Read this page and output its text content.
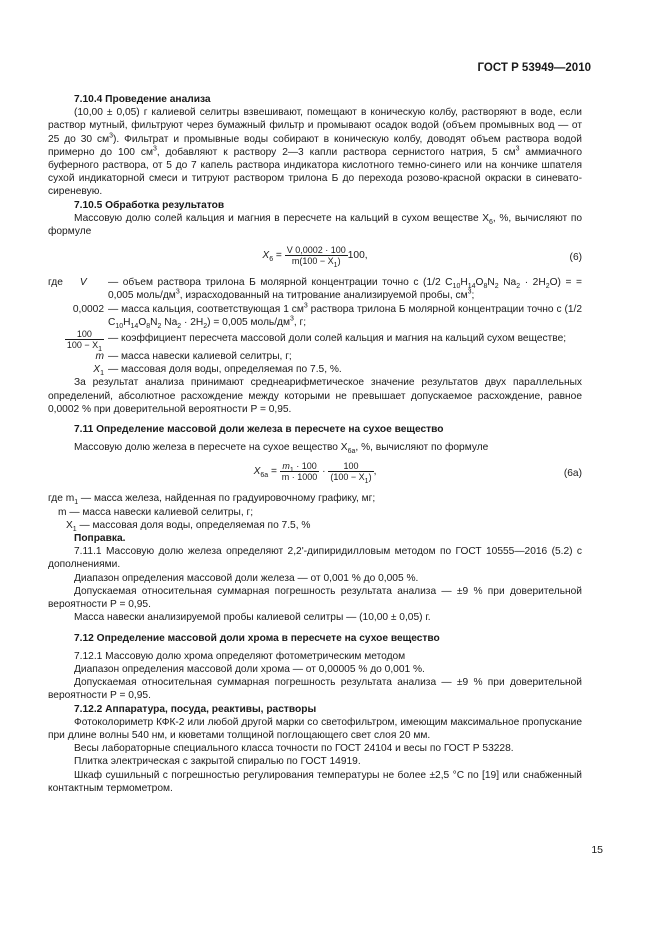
ГОСТ Р 53949—2010
7.10.4 Проведение анализа

(10,00 ± 0,05) г калиевой селитры взвешивают, помещают в коническую колбу, растворяют в воде, если раствор мутный, фильтруют через бумажный фильтр и промывают осадок водой (объем промывных вод — от 25 до 30 $см^3$). Фильтрат и промывные воды собирают в коническую колбу, доводят объем раствора водой примерно до 100 $см^3$, добавляют к раствору 2—3 капли раствора сернистого натрия, 5 $см^3$ аммиачного буферного раствора, от 5 до 7 капель раствора индикатора кислотного темно-синего или на кончике шпателя сухой индикаторной смеси и титруют раствором трилона Б до перехода розово-красной окраски в синевато-сиреневую.

7.10.5 Обработка результатов

Массовую долю солей кальция и магния в пересчете на кальций в сухом веществе $X_6$, %, вычисляют по формуле

$X_6 = \frac{V 0,0002 \cdot 100}{m(100 - X_1)} 100$,	(6)
где V	— объем раствора трилона Б молярной концентрации точно c (1/2 $C_{10}H_{14}O_8N_2$ $Na_2 \cdot 2H_2O$) = = 0,005 моль/$дм^3$, израсходованный на титрование анализируемой пробы, $см^3$;
0,0002 — масса кальция, соответствующая 1 $см^3$ раствора трилона Б молярной концентрации точно c (1/2 $C_{10}H_{14}O_8N_2$ $Na_2 \cdot 2H_2) = 0,005$ моль/$дм^3$, г;
$\frac{100}{100 - X_1}$ — коэффициент пересчета массовой доли солей кальция и магния на кальций сухом веществе;
m — масса навески калиевой селитры, г;
$X_1$ — массовая доля воды, определяемая по 7.5, %.

За результат анализа принимают среднеарифметическое значение результатов двух параллельных определений, абсолютное расхождение между которыми не превышает допускаемое расхождение, равное 0,0002 % при доверительной вероятности P = 0,95.

7.11 Определение массовой доли железа в пересчете на сухое вещество

Массовую долю железа в пересчете на сухое вещество $X_{6a}$, %, вычисляют по формуле

$X_{6a} = \frac{m_1 \cdot 100}{m \cdot 1000} \cdot \frac{100}{(100 - X_1)}$ ,	(6a)
где $m_1$ — масса железа, найденная по градуировочному графику, мг;
m — масса навески калиевой селитры, г;
$X_1$ — массовая доля воды, определяемая по 7.5, %
Поправка.

7.11.1 Массовую долю железа определяют 2,2'-дипиридилловым методом по ГОСТ 10555—2016 (5.2) с дополнениями.

Диапазон определения массовой доли железа — от 0,001 % до 0,005 %.

Допускаемая относительная суммарная погрешность результата анализа — ±9 % при доверительной вероятности P = 0,95.

Масса навески анализируемой пробы калиевой селитры — (10,00 ± 0,05) г.

7.12 Определение массовой доли хрома в пересчете на сухое вещество

7.12.1 Массовую долю хрома определяют фотометрическим методом

Диапазон определения массовой доли хрома — от 0,00005 % до 0,001 %.

Допускаемая относительная суммарная погрешность результата анализа — ±9 % при доверительной вероятности P = 0,95.

7.12.2 Аппаратура, посуда, реактивы, растворы

Фотоколориметр КФК-2 или любой другой марки со светофильтром, имеющим максимальное пропускание при длине волны 540 нм, и кюветами толщиной поглощающего свет слоя 20 мм.

Весы лабораторные специального класса точности по ГОСТ 24104 и весы по ГОСТ Р 53228.

Плитка электрическая с закрытой спиралью по ГОСТ 14919.

Шкаф сушильный с погрешностью регулирования температуры не более ±2,5 °С по [19] или снабженный контактным термометром.

15
